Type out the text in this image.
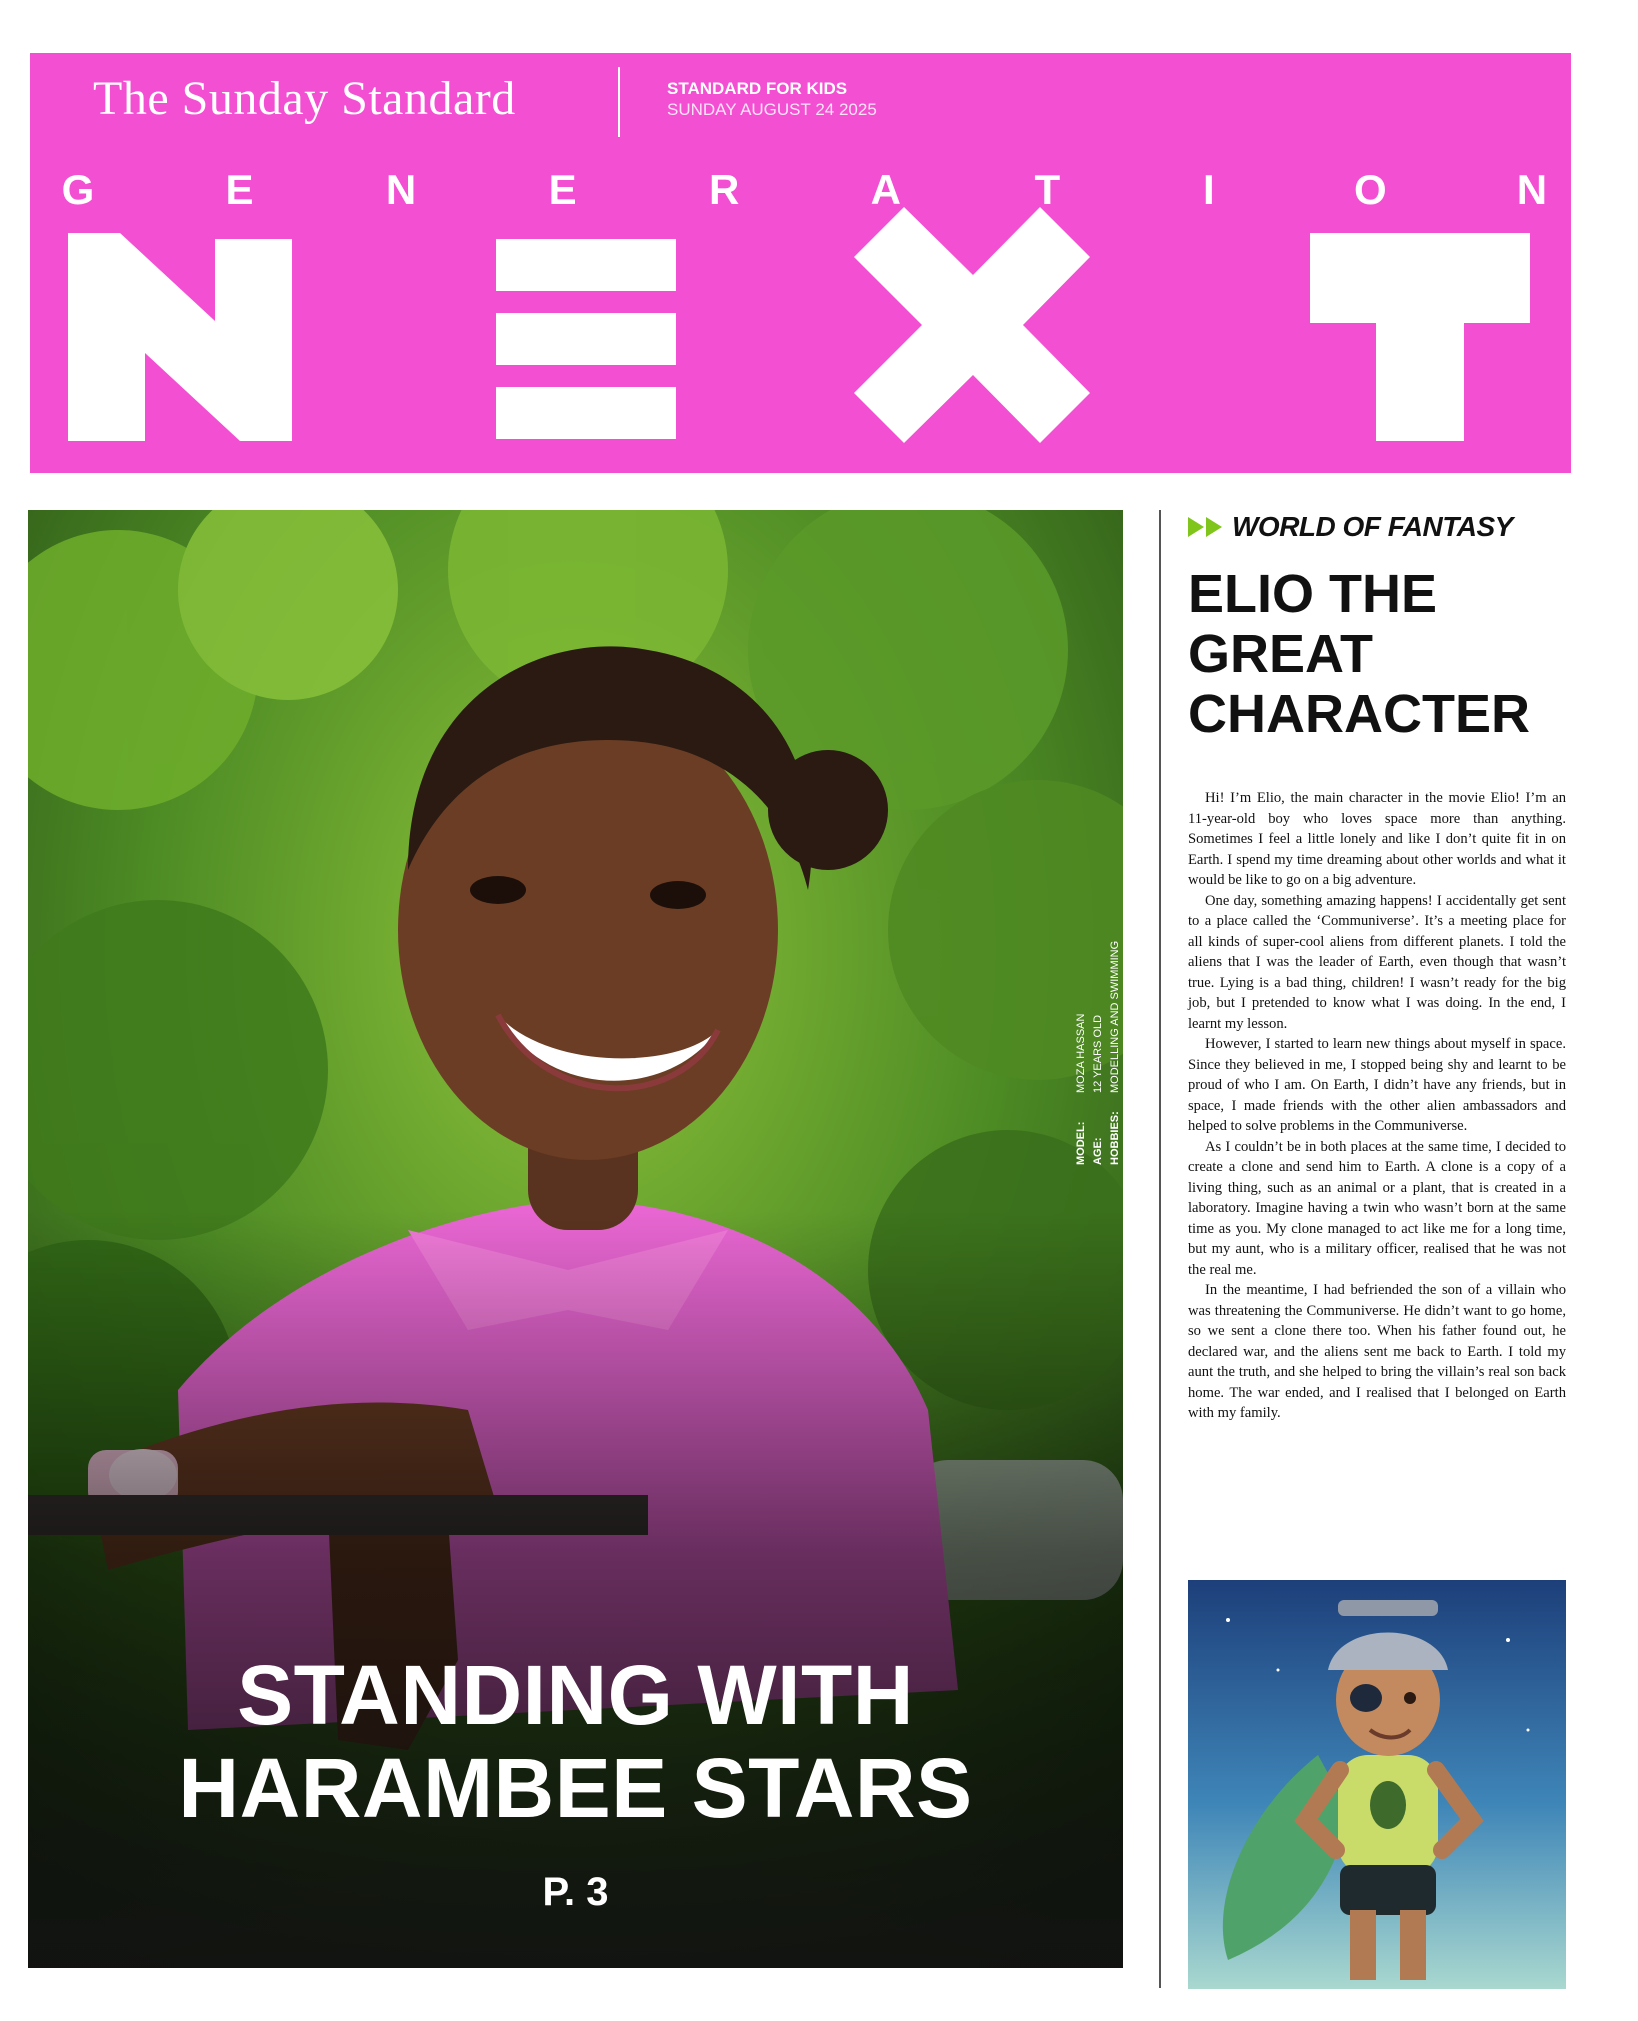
The Sunday Standard	STANDARD FOR KIDS
SUNDAY AUGUST 24 2025
G	E	N	E	R	A	T	I	O	N
MODEL:MOZA HASSAN
AGE:12 YEARS OLD
HOBBIES:MODELLING AND SWIMMING
STANDING WITH
HARAMBEE STARS
P. 3
WORLD OF FANTASY
ELIO THE
GREAT
CHARACTER

Hi! I’m Elio, the main character in the movie Elio! I’m an 11-year-old boy who loves space more than anything. Sometimes I feel a little lonely and like I don’t quite fit in on Earth. I spend my time dreaming about other worlds and what it would be like to go on a big adventure.

One day, something amazing happens! I accidentally get sent to a place called the ‘Communiverse’. It’s a meeting place for all kinds of super-cool aliens from different planets. I told the aliens that I was the leader of Earth, even though that wasn’t true. Lying is a bad thing, children! I wasn’t ready for the big job, but I pretended to know what I was doing. In the end, I learnt my lesson.

However, I started to learn new things about myself in space. Since they believed in me, I stopped being shy and learnt to be proud of who I am. On Earth, I didn’t have any friends, but in space, I made friends with the other alien ambassadors and helped to solve problems in the Communiverse.

As I couldn’t be in both places at the same time, I decided to create a clone and send him to Earth. A clone is a copy of a living thing, such as an animal or a plant, that is created in a laboratory. Imagine having a twin who wasn’t born at the same time as you. My clone managed to act like me for a long time, but my aunt, who is a military officer, realised that he was not the real me.

In the meantime, I had befriended the son of a villain who was threatening the Communiverse. He didn’t want to go home, so we sent a clone there too. When his father found out, he declared war, and the aliens sent me back to Earth. I told my aunt the truth, and she helped to bring the villain’s real son back home. The war ended, and I realised that I belonged on Earth with my family.
